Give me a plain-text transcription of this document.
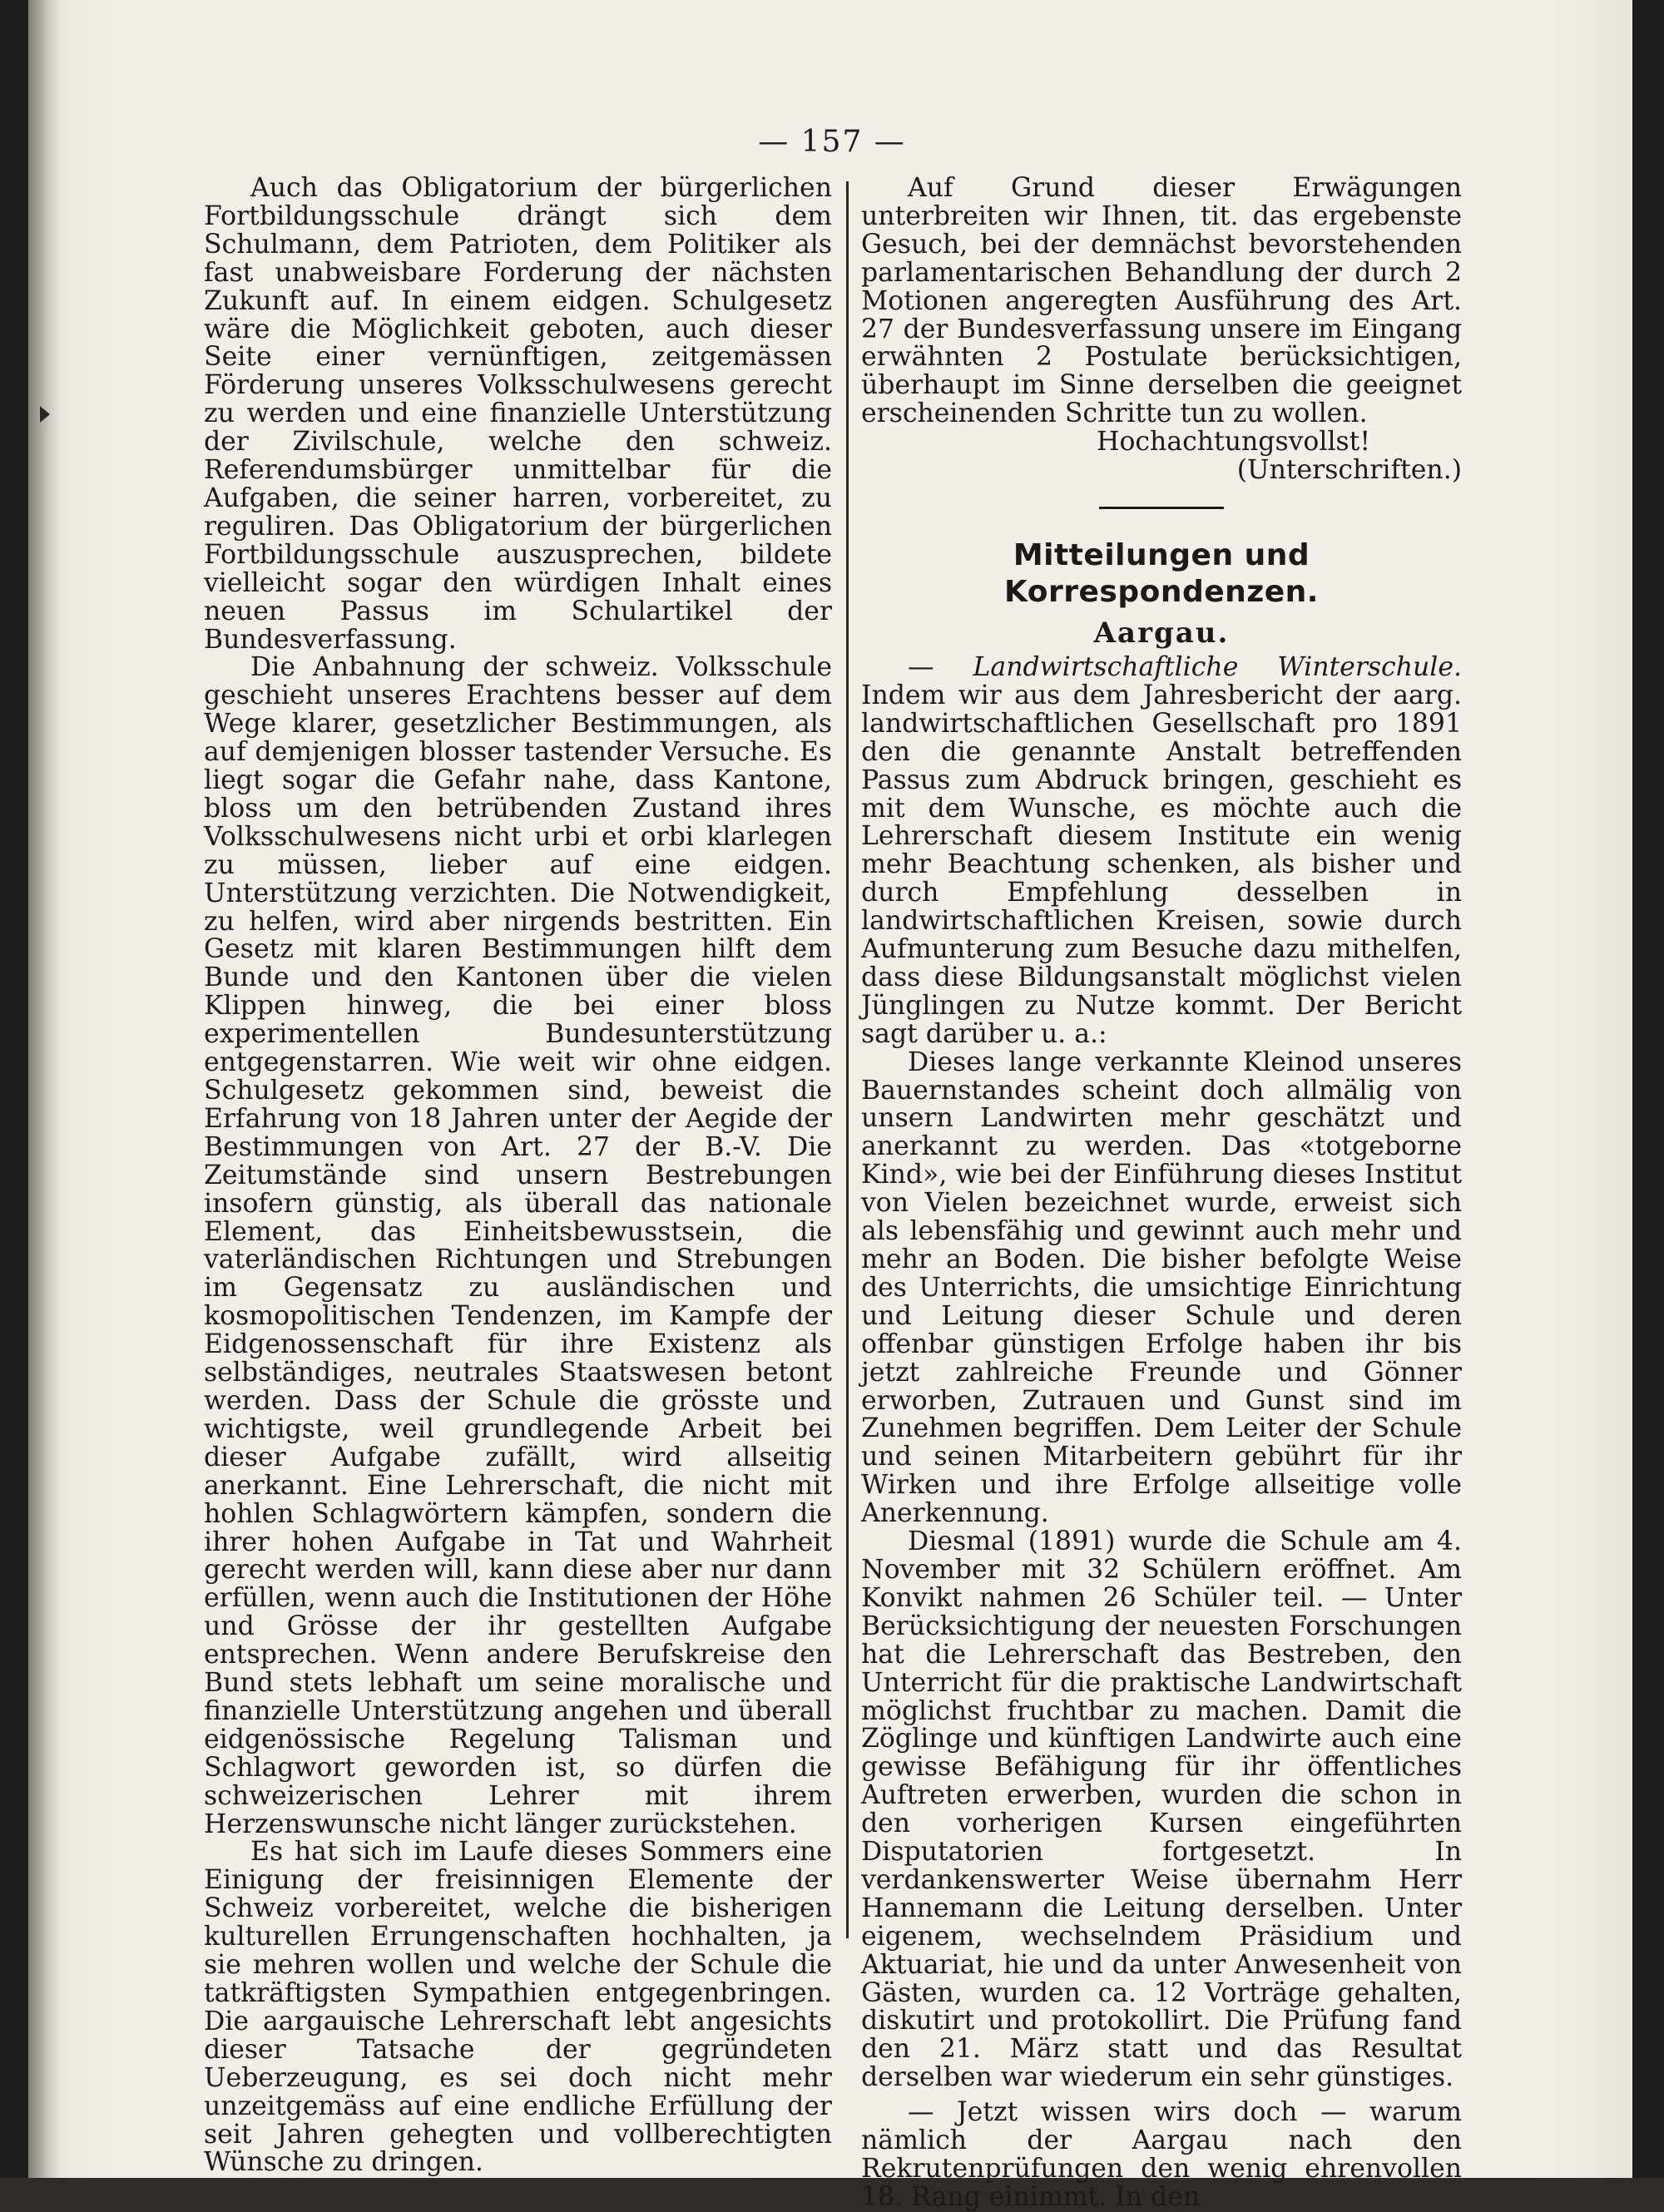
— 157 —

Auch das Obligatorium der bürgerlichen Fortbildungsschule drängt sich dem Schulmann, dem Patrioten, dem Politiker als fast unabweisbare Forderung der nächsten Zukunft auf. In einem eidgen. Schulgesetz wäre die Möglichkeit geboten, auch dieser Seite einer vernünftigen, zeitgemässen Förderung unseres Volksschulwesens gerecht zu werden und eine finanzielle Unterstützung der Zivilschule, welche den schweiz. Referendumsbürger unmittelbar für die Aufgaben, die seiner harren, vorbereitet, zu reguliren. Das Obligatorium der bürgerlichen Fortbildungsschule auszusprechen, bildete vielleicht sogar den würdigen Inhalt eines neuen Passus im Schulartikel der Bundesverfassung.

Die Anbahnung der schweiz. Volksschule geschieht unseres Erachtens besser auf dem Wege klarer, gesetzlicher Bestimmungen, als auf demjenigen blosser tastender Versuche. Es liegt sogar die Gefahr nahe, dass Kantone, bloss um den betrübenden Zustand ihres Volksschulwesens nicht urbi et orbi klarlegen zu müssen, lieber auf eine eidgen. Unterstützung verzichten. Die Notwendigkeit, zu helfen, wird aber nirgends bestritten. Ein Gesetz mit klaren Bestimmungen hilft dem Bunde und den Kantonen über die vielen Klippen hinweg, die bei einer bloss experimentellen Bundesunterstützung entgegenstarren. Wie weit wir ohne eidgen. Schulgesetz gekommen sind, beweist die Erfahrung von 18 Jahren unter der Aegide der Bestimmungen von Art. 27 der B.-V. Die Zeitumstände sind unsern Bestrebungen insofern günstig, als überall das nationale Element, das Einheitsbewusstsein, die vaterländischen Richtungen und Strebungen im Gegensatz zu ausländischen und kosmopolitischen Tendenzen, im Kampfe der Eidgenossenschaft für ihre Existenz als selbständiges, neutrales Staatswesen betont werden. Dass der Schule die grösste und wichtigste, weil grundlegende Arbeit bei dieser Aufgabe zufällt, wird allseitig anerkannt. Eine Lehrerschaft, die nicht mit hohlen Schlagwörtern kämpfen, sondern die ihrer hohen Aufgabe in Tat und Wahrheit gerecht werden will, kann diese aber nur dann erfüllen, wenn auch die Institutionen der Höhe und Grösse der ihr gestellten Aufgabe entsprechen. Wenn andere Berufskreise den Bund stets lebhaft um seine moralische und finanzielle Unterstützung angehen und überall eidgenössische Regelung Talisman und Schlagwort geworden ist, so dürfen die schweizerischen Lehrer mit ihrem Herzenswunsche nicht länger zurückstehen.

Es hat sich im Laufe dieses Sommers eine Einigung der freisinnigen Elemente der Schweiz vorbereitet, welche die bisherigen kulturellen Errungenschaften hochhalten, ja sie mehren wollen und welche der Schule die tatkräftigsten Sympathien entgegenbringen. Die aargauische Lehrerschaft lebt angesichts dieser Tatsache der gegründeten Ueberzeugung, es sei doch nicht mehr unzeitgemäss auf eine endliche Erfüllung der seit Jahren gehegten und vollberechtigten Wünsche zu dringen.

Auf Grund dieser Erwägungen unterbreiten wir Ihnen, tit. das ergebenste Gesuch, bei der demnächst bevorstehenden parlamentarischen Behandlung der durch 2 Motionen angeregten Ausführung des Art. 27 der Bundesverfassung unsere im Eingang erwähnten 2 Postulate berücksichtigen, überhaupt im Sinne derselben die geeignet erscheinenden Schritte tun zu wollen.

Hochachtungsvollst!

(Unterschriften.)

Mitteilungen und Korrespondenzen.

Aargau.

— Landwirtschaftliche Winterschule. Indem wir aus dem Jahresbericht der aarg. landwirtschaftlichen Gesellschaft pro 1891 den die genannte Anstalt betreffenden Passus zum Abdruck bringen, geschieht es mit dem Wunsche, es möchte auch die Lehrerschaft diesem Institute ein wenig mehr Beachtung schenken, als bisher und durch Empfehlung desselben in landwirtschaftlichen Kreisen, sowie durch Aufmunterung zum Besuche dazu mithelfen, dass diese Bildungsanstalt möglichst vielen Jünglingen zu Nutze kommt. Der Bericht sagt darüber u. a.:

Dieses lange verkannte Kleinod unseres Bauernstandes scheint doch allmälig von unsern Landwirten mehr geschätzt und anerkannt zu werden. Das «totgeborne Kind», wie bei der Einführung dieses Institut von Vielen bezeichnet wurde, erweist sich als lebensfähig und gewinnt auch mehr und mehr an Boden. Die bisher befolgte Weise des Unterrichts, die umsichtige Einrichtung und Leitung dieser Schule und deren offenbar günstigen Erfolge haben ihr bis jetzt zahlreiche Freunde und Gönner erworben, Zutrauen und Gunst sind im Zunehmen begriffen. Dem Leiter der Schule und seinen Mitarbeitern gebührt für ihr Wirken und ihre Erfolge allseitige volle Anerkennung.

Diesmal (1891) wurde die Schule am 4. November mit 32 Schülern eröffnet. Am Konvikt nahmen 26 Schüler teil. — Unter Berücksichtigung der neuesten Forschungen hat die Lehrerschaft das Bestreben, den Unterricht für die praktische Landwirtschaft möglichst fruchtbar zu machen. Damit die Zöglinge und künftigen Landwirte auch eine gewisse Befähigung für ihr öffentliches Auftreten erwerben, wurden die schon in den vorherigen Kursen eingeführten Disputatorien fortgesetzt. In verdankenswerter Weise übernahm Herr Hannemann die Leitung derselben. Unter eigenem, wechselndem Präsidium und Aktuariat, hie und da unter Anwesenheit von Gästen, wurden ca. 12 Vorträge gehalten, diskutirt und protokollirt. Die Prüfung fand den 21. März statt und das Resultat derselben war wiederum ein sehr günstiges.

— Jetzt wissen wirs doch — warum nämlich der Aargau nach den Rekrutenprüfungen den wenig ehrenvollen 18. Rang einimmt. In den
